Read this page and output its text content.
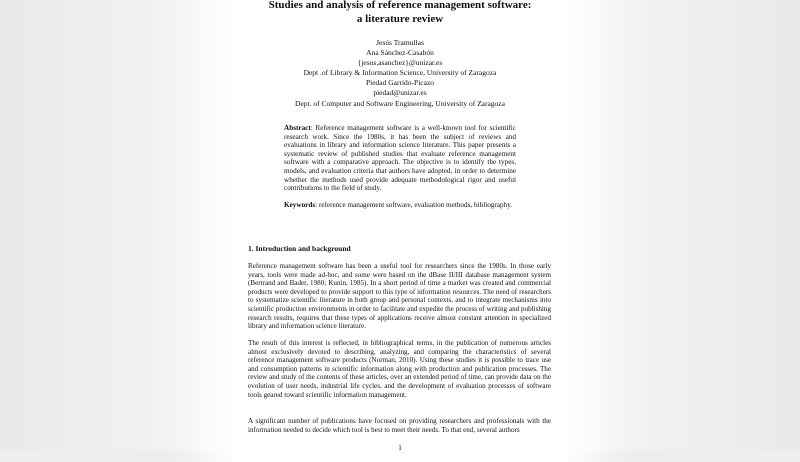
Studies and analysis of reference management software:
a literature review
Jesús Tramullas
Ana Sánchez-Casabón
{jesus,asanchez}@unizar.es
Dept .of Library & Information Science, University of Zaragoza
Piedad Garrido-Picazo
piedad@unizar.es
Dept. of Computer and Software Engineering, University of Zaragoza
Abstract: Reference management software is a well-known tool for scientific research work. Since the 1980s, it has been the subject of reviews and evaluations in library and information science literature. This paper presents a systematic review of published studies that evaluate reference management software with a comparative approach. The objective is to identify the types, models, and evaluation criteria that authors have adopted, in order to determine whether the methods used provide adequate methodological rigor and useful contributions to the field of study.
Keywords: reference management software, evaluation methods, bibliography.
1. Introduction and background
Reference management software has been a useful tool for researchers since the 1980s. In those early years, tools were made ad-hoc, and some were based on the dBase II/III database management system (Bertrand and Bader, 1980; Kunin, 1985). In a short period of time a market was created and commercial products were developed to provide support to this type of information resources. The need of researchers to systematize scientific literature in both group and personal contexts, and to integrate mechanisms into scientific production environments in order to facilitate and expedite the process of writing and publishing research results, requires that these types of applications receive almost constant attention in specialized library and information science literature.
The result of this interest is reflected, in bibliographical terms, in the publication of numerous articles almost exclusively devoted to describing, analyzing, and comparing the characteristics of several reference management software products (Norman, 2010). Using these studies it is possible to trace use and consumption patterns in scientific information along with production and publication processes. The review and study of the contents of these articles, over an extended period of time, can provide data on the evolution of user needs, industrial life cycles, and the development of evaluation processes of software tools geared toward scientific information management.
A significant number of publications have focused on providing researchers and professionals with the information needed to decide which tool is best to meet their needs. To that end, several authors
1
